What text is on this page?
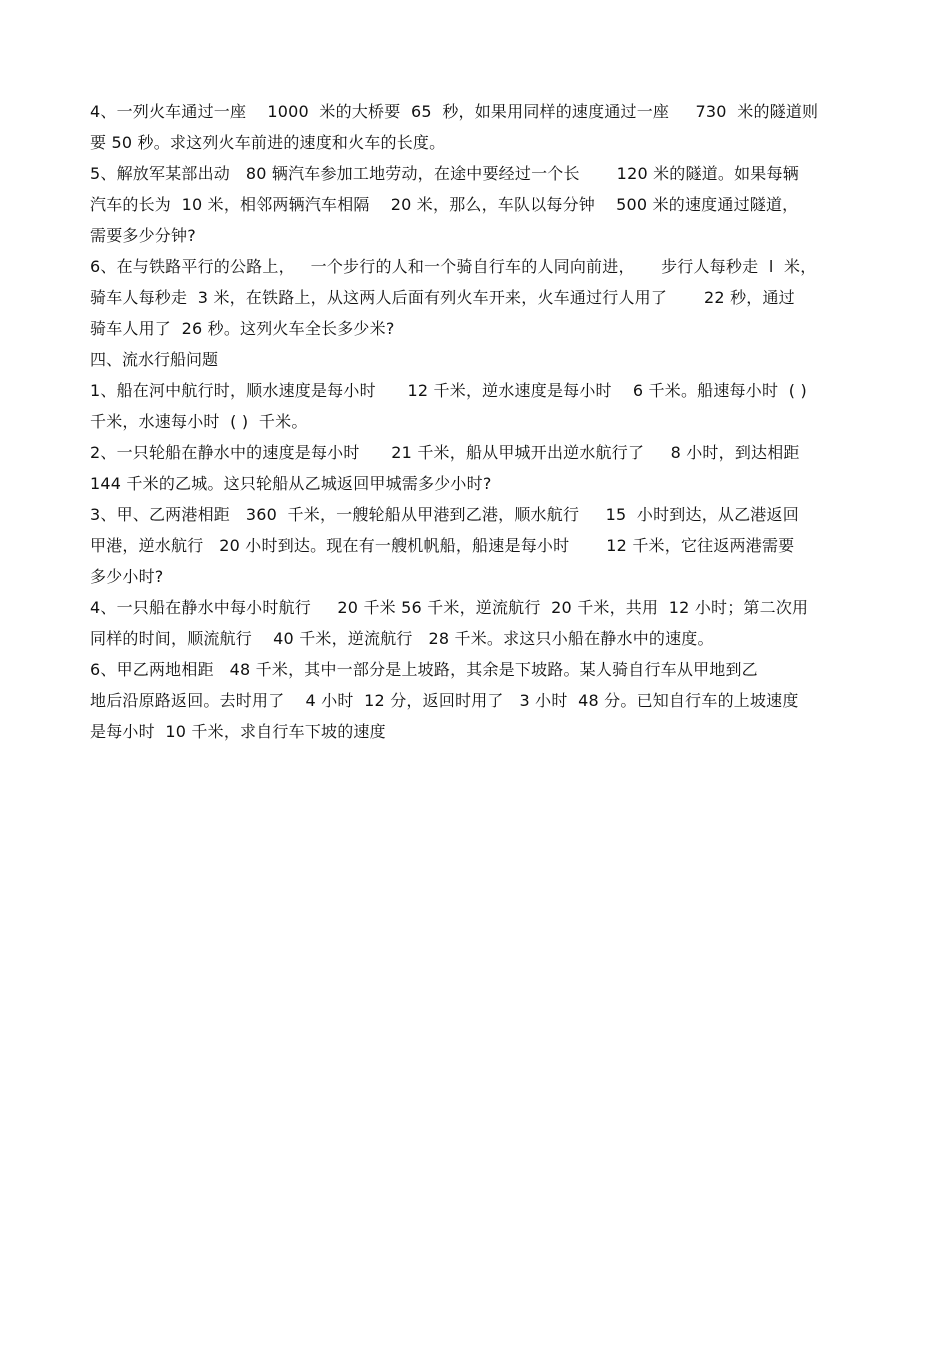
4、一列火车通过一座    1000  米的大桥要  65  秒，如果用同样的速度通过一座     730  米的隧道则
要 50 秒。求这列火车前进的速度和火车的长度。
5、解放军某部出动   80 辆汽车参加工地劳动，在途中要经过一个长       120 米的隧道。如果每辆
汽车的长为  10 米，相邻两辆汽车相隔    20 米，那么，车队以每分钟    500 米的速度通过隧道，
需要多少分钟?
6、在与铁路平行的公路上，   一个步行的人和一个骑自行车的人同向前进，     步行人每秒走  l  米，
骑车人每秒走  3 米，在铁路上，从这两人后面有列火车开来，火车通过行人用了       22 秒，通过
骑车人用了  26 秒。这列火车全长多少米?
四、流水行船问题
1、船在河中航行时，顺水速度是每小时      12 千米，逆水速度是每小时    6 千米。船速每小时  ( )
千米，水速每小时  ( )  千米。
2、一只轮船在静水中的速度是每小时      21 千米，船从甲城开出逆水航行了     8 小时，到达相距
144 千米的乙城。这只轮船从乙城返回甲城需多少小时?
3、甲、乙两港相距   360  千米，一艘轮船从甲港到乙港，顺水航行     15  小时到达，从乙港返回
甲港，逆水航行   20 小时到达。现在有一艘机帆船，船速是每小时       12 千米，它往返两港需要
多少小时?
4、一只船在静水中每小时航行     20 千米 56 千米，逆流航行  20 千米，共用  12 小时；第二次用
同样的时间，顺流航行    40 千米，逆流航行   28 千米。求这只小船在静水中的速度。
6、甲乙两地相距   48 千米，其中一部分是上坡路，其余是下坡路。某人骑自行车从甲地到乙
地后沿原路返回。去时用了    4 小时  12 分，返回时用了   3 小时  48 分。已知自行车的上坡速度
是每小时  10 千米，求自行车下坡的速度
